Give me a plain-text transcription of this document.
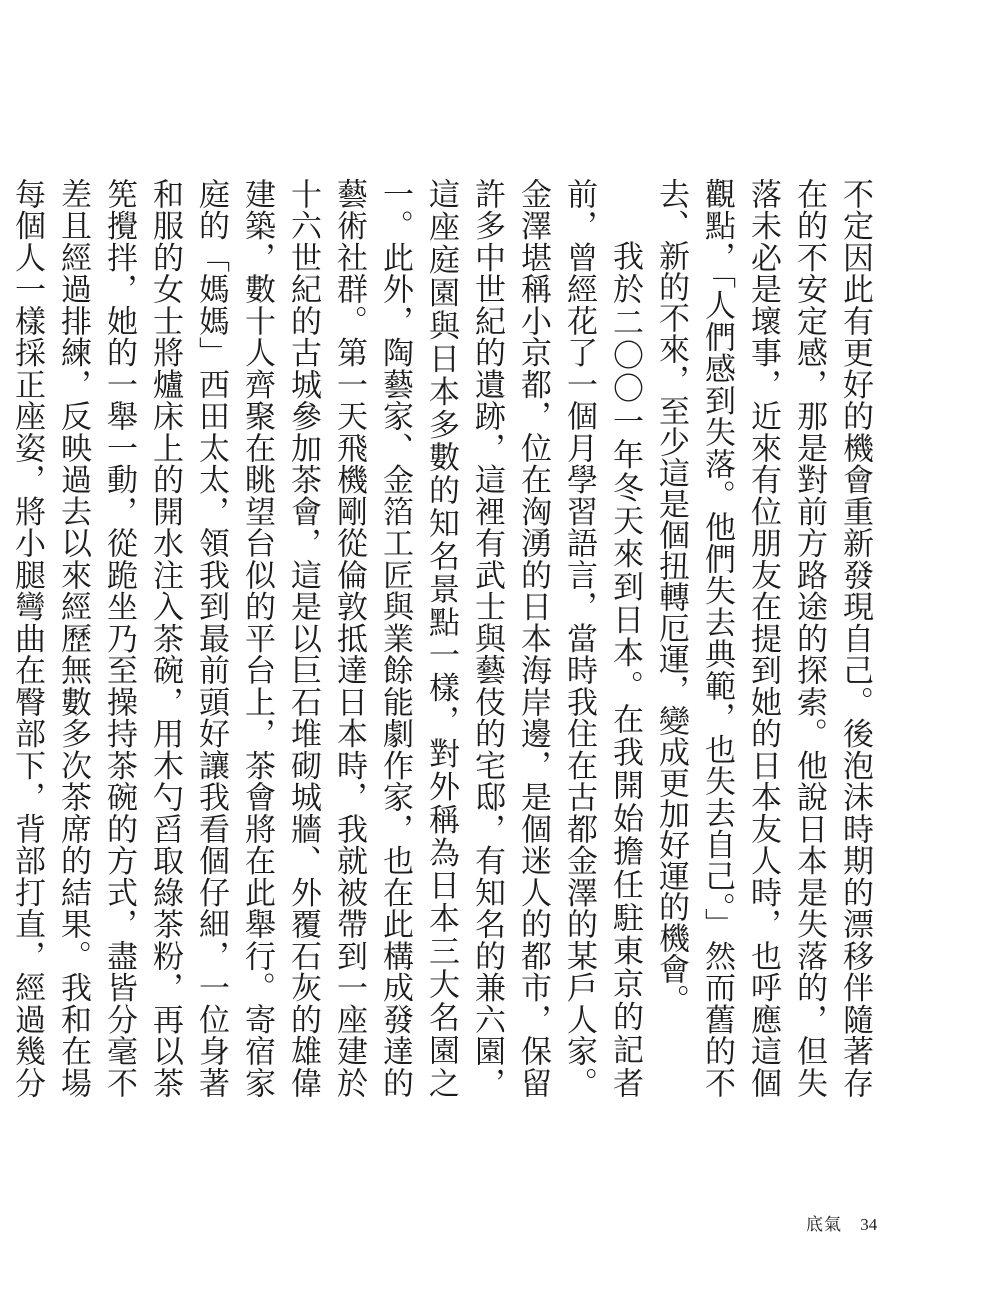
不定因此有更好的機會重新發現自己。後泡沫時期的漂移伴隨著存在的不安定感，那是對前方路途的探索。他說日本是失落的，但失落未必是壞事，近來有位朋友在提到她的日本友人時，也呼應這個觀點，「人們感到失落。他們失去典範，也失去自己。」然而舊的不去、新的不來，至少這是個扭轉厄運，變成更加好運的機會。

我於二〇〇一年冬天來到日本。在我開始擔任駐東京的記者前，曾經花了一個月學習語言，當時我住在古都金澤的某戶人家。金澤堪稱小京都，位在洶湧的日本海岸邊，是個迷人的都市，保留許多中世紀的遺跡，這裡有武士與藝伎的宅邸，有知名的兼六園，這座庭園與日本多數的知名景點一樣，對外稱為日本三大名園之一。此外，陶藝家、金箔工匠與業餘能劇作家，也在此構成發達的藝術社群。第一天飛機剛從倫敦抵達日本時，我就被帶到一座建於十六世紀的古城參加茶會，這是以巨石堆砌城牆、外覆石灰的雄偉建築，數十人齊聚在眺望台似的平台上，茶會將在此舉行。寄宿家庭的「媽媽」西田太太，領我到最前頭好讓我看個仔細，一位身著和服的女士將爐床上的開水注入茶碗，用木勺舀取綠茶粉，再以茶筅攪拌，她的一舉一動，從跪坐乃至操持茶碗的方式，盡皆分毫不差且經過排練，反映過去以來經歷無數多次茶席的結果。我和在場每個人一樣採正座姿，將小腿彎曲在臀部下，背部打直，經過幾分

底氣 34
